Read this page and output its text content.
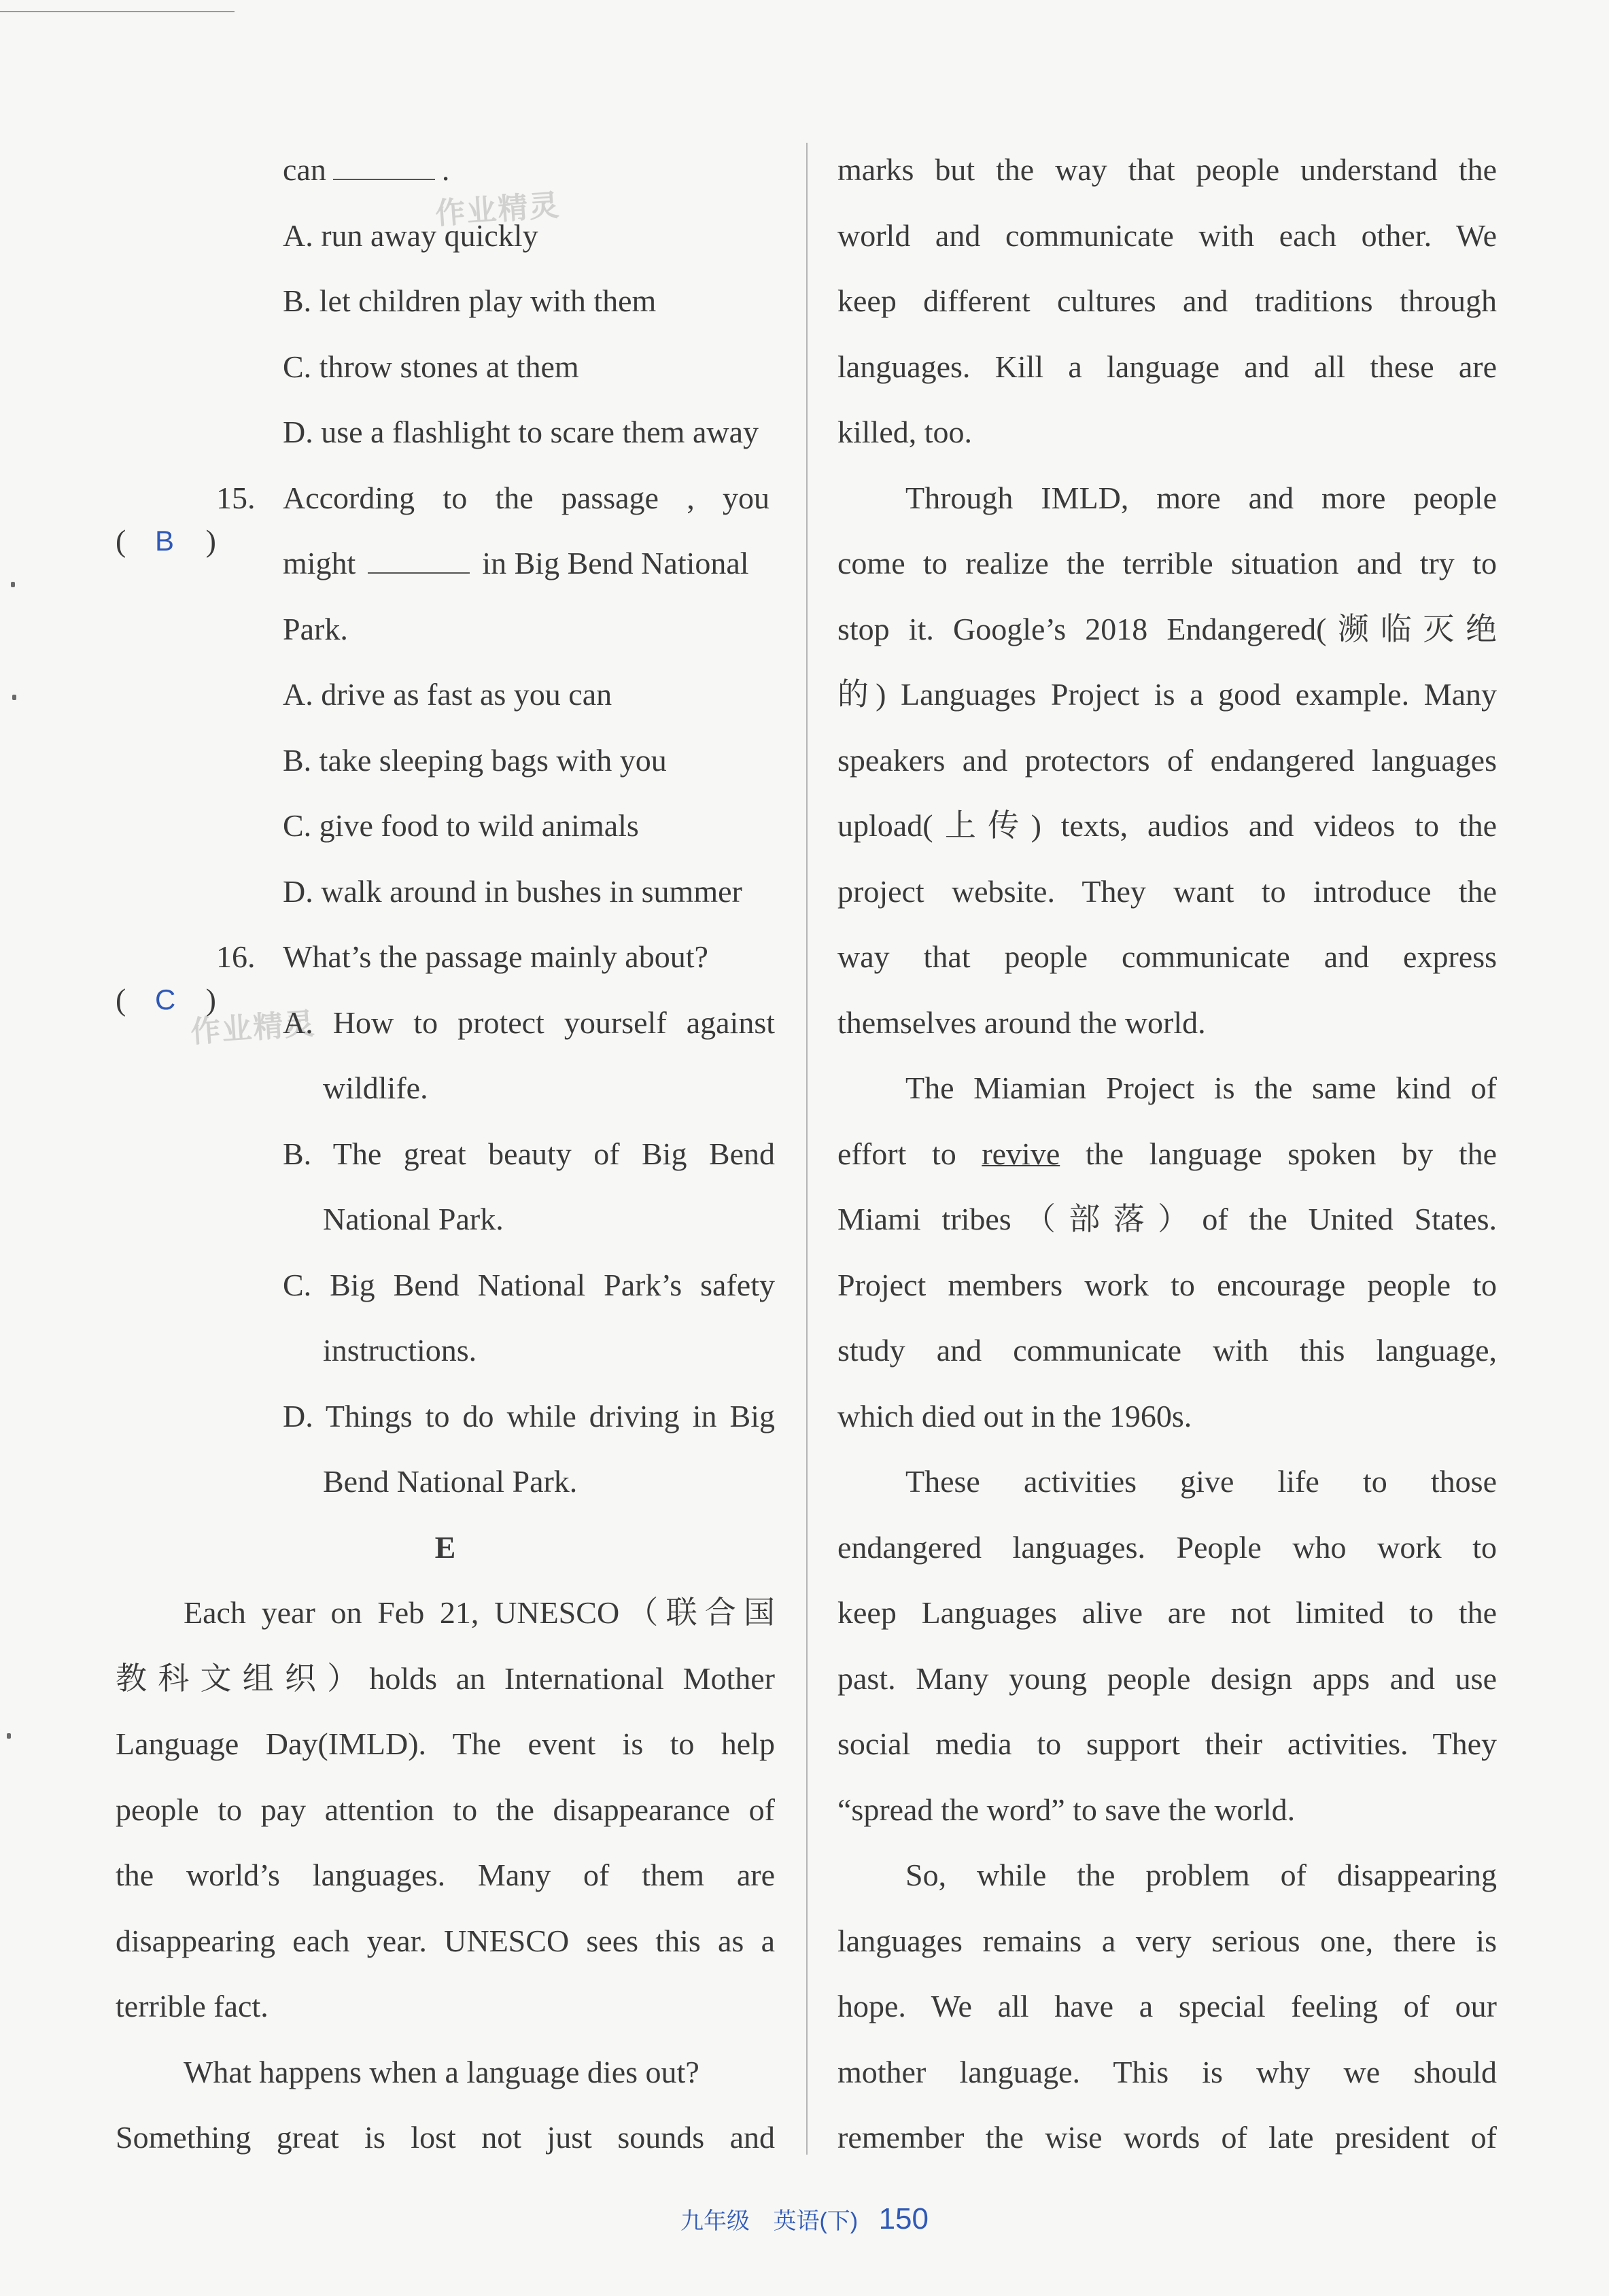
作业精灵
作业精灵
can	.
A. run away quickly
B. let children play with them
C. throw stones at them
D. use a flashlight to scare them away
( B )
15. According to the passage , you
might	in Big Bend National
Park.
A. drive as fast as you can
B. take sleeping bags with you
C. give food to wild animals
D. walk around in bushes in summer
( C )
16. What’s the passage mainly about?
A. How to protect yourself against
wildlife.
B. The great beauty of Big Bend
National Park.
C. Big Bend National Park’s safety
instructions.
D. Things to do while driving in Big
Bend National Park.
E
Each year on Feb 21, UNESCO（联合国
教科文组织）holds an International Mother
Language Day(IMLD). The event is to help
people to pay attention to the disappearance of
the world’s languages. Many of them are
disappearing each year. UNESCO sees this as a
terrible fact.
What happens when a language dies out?
Something great is lost not just sounds and
marks but the way that people understand the
world and communicate with each other. We
keep different cultures and traditions through
languages. Kill a language and all these are
killed, too.
Through IMLD, more and more people
come to realize the terrible situation and try to
stop it. Google’s 2018 Endangered(濒临灭绝
的) Languages Project is a good example. Many
speakers and protectors of endangered languages
upload(上传) texts, audios and videos to the
project website. They want to introduce the
way that people communicate and express
themselves around the world.
The Miamian Project is the same kind of
effort to revive the language spoken by the
Miami tribes（部落）of the United States.
Project members work to encourage people to
study and communicate with this language,
which died out in the 1960s.
These activities give life to those
endangered languages. People who work to
keep Languages alive are not limited to the
past. Many young people design apps and use
social media to support their activities. They
“spread the word” to save the world.
So, while the problem of disappearing
languages remains a very serious one, there is
hope. We all have a special feeling of our
mother language. This is why we should
remember the wise words of late president of
九年级 英语(下) 150
